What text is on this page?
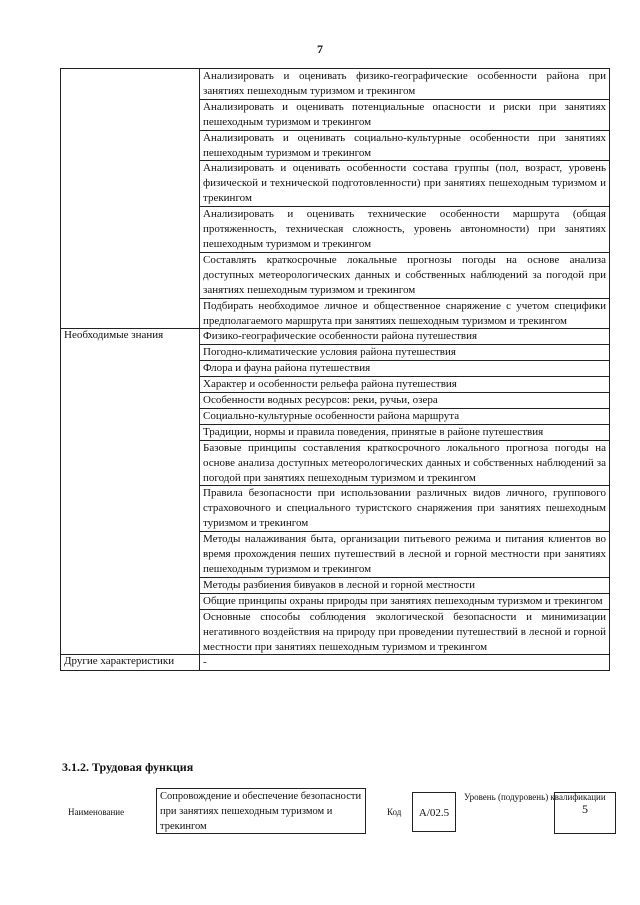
7
	Анализировать и оценивать физико-географические особенности района при занятиях пешеходным туризмом и трекингом
	Анализировать и оценивать потенциальные опасности и риски при занятиях пешеходным туризмом и трекингом
	Анализировать и оценивать социально-культурные особенности при занятиях пешеходным туризмом и трекингом
	Анализировать и оценивать особенности состава группы (пол, возраст, уровень физической и технической подготовленности) при занятиях пешеходным туризмом и трекингом
	Анализировать и оценивать технические особенности маршрута (общая протяженность, техническая сложность, уровень автономности) при занятиях пешеходным туризмом и трекингом
	Составлять краткосрочные локальные прогнозы погоды на основе анализа доступных метеорологических данных и собственных наблюдений за погодой при занятиях пешеходным туризмом и трекингом
	Подбирать необходимое личное и общественное снаряжение с учетом специфики предполагаемого маршрута при занятиях пешеходным туризмом и трекингом
Необходимые знания	Физико-географические особенности района путешествия
	Погодно-климатические условия района путешествия
	Флора и фауна района путешествия
	Характер и особенности рельефа района путешествия
	Особенности водных ресурсов: реки, ручьи, озера
	Социально-культурные особенности района маршрута
	Традиции, нормы и правила поведения, принятые в районе путешествия
	Базовые принципы составления краткосрочного локального прогноза погоды на основе анализа доступных метеорологических данных и собственных наблюдений за погодой при занятиях пешеходным туризмом и трекингом
	Правила безопасности при использовании различных видов личного, группового страховочного и специального туристского снаряжения при занятиях пешеходным туризмом и трекингом
	Методы налаживания быта, организации питьевого режима и питания клиентов во время прохождения пеших путешествий в лесной и горной местности при занятиях пешеходным туризмом и трекингом
	Методы разбиения бивуаков в лесной и горной местности
	Общие принципы охраны природы при занятиях пешеходным туризмом и трекингом
	Основные способы соблюдения экологической безопасности и минимизации негативного воздействия на природу при проведении путешествий в лесной и горной местности при занятиях пешеходным туризмом и трекингом
Другие характеристики	-
3.1.2. Трудовая функция
Наименование
Сопровождение и обеспечение безопасности при занятиях пешеходным туризмом и трекингом
Код	A/02.5
Уровень (подуровень) квалификации
5
